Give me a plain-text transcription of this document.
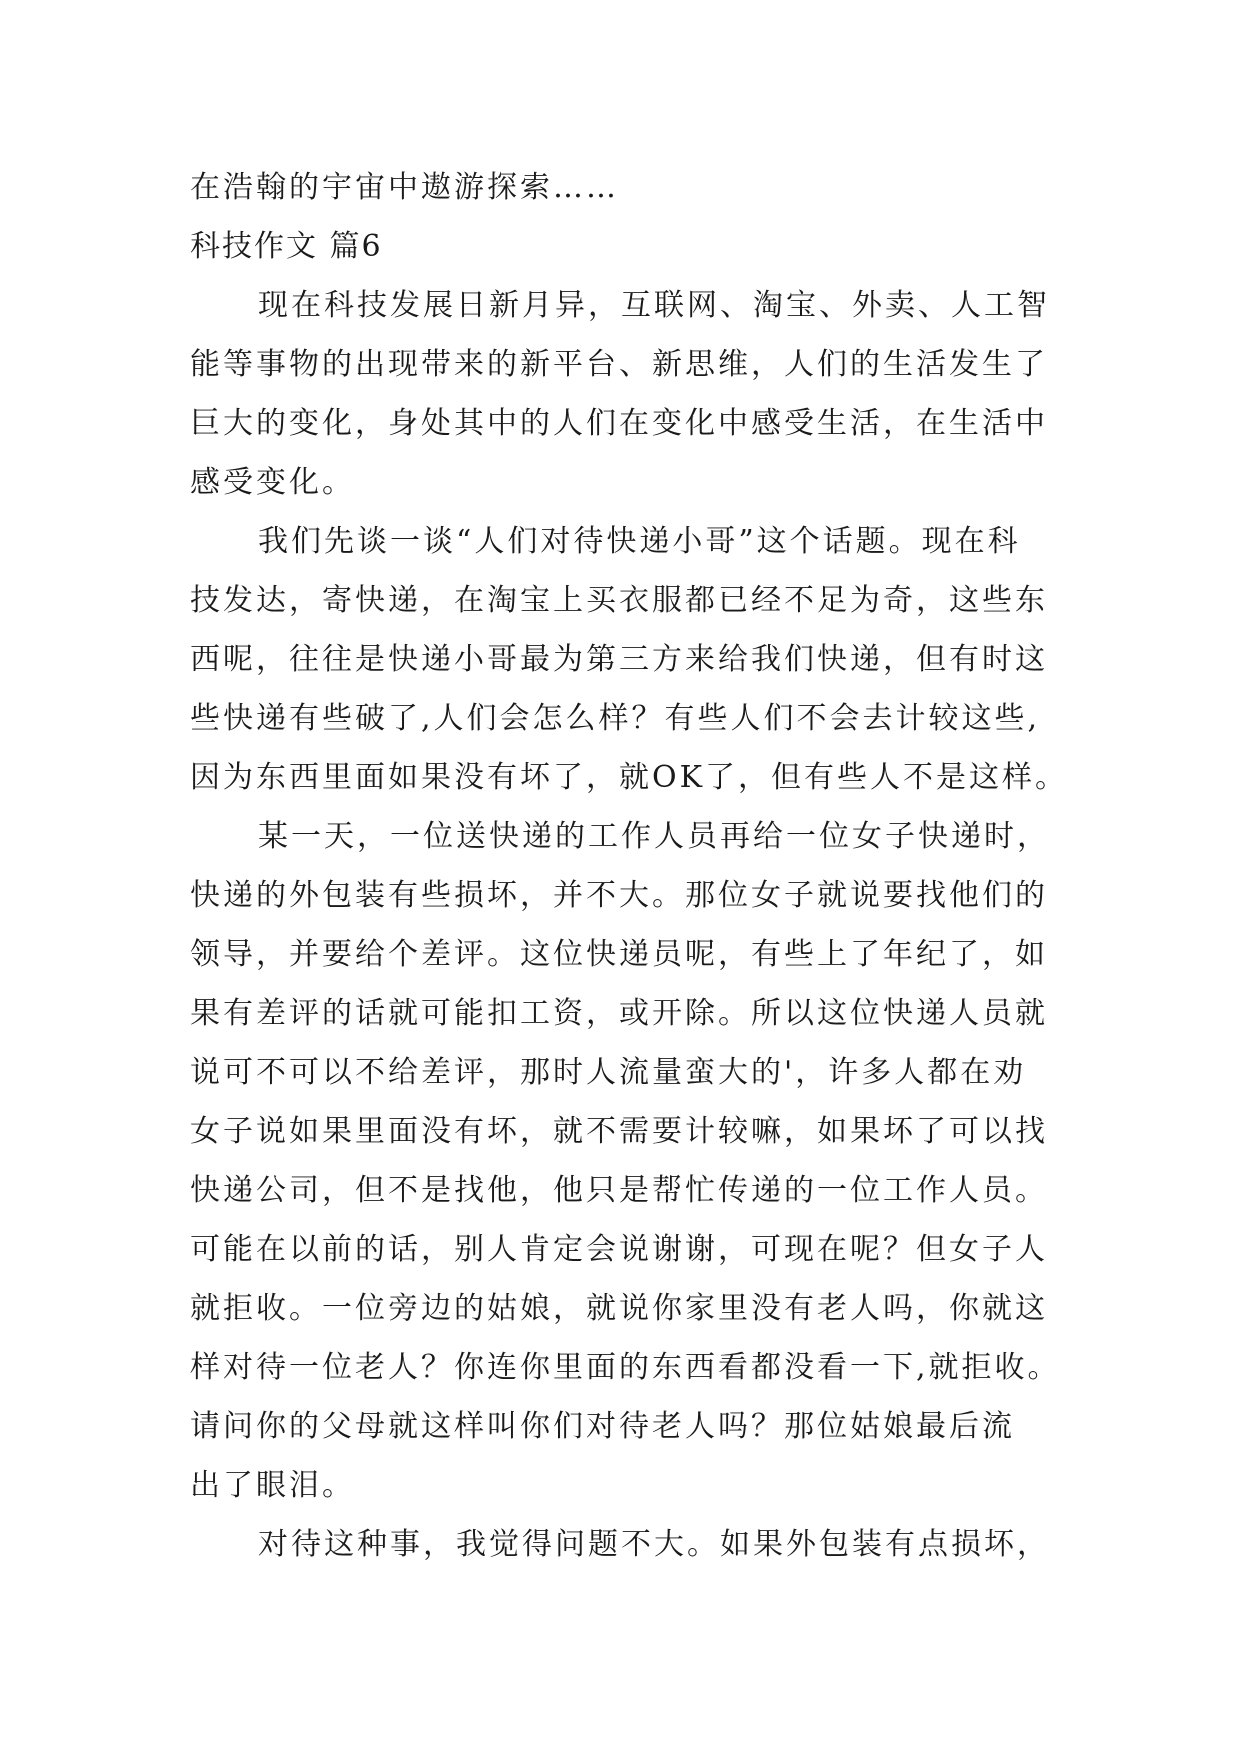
在浩翰的宇宙中遨游探索……
科技作文 篇6
现在科技发展日新月异，互联网、淘宝、外卖、人工智
能等事物的出现带来的新平台、新思维，人们的生活发生了
巨大的变化，身处其中的人们在变化中感受生活，在生活中
感受变化。
我们先谈一谈“人们对待快递小哥”这个话题。现在科
技发达，寄快递，在淘宝上买衣服都已经不足为奇，这些东
西呢，往往是快递小哥最为第三方来给我们快递，但有时这
些快递有些破了,人们会怎么样？有些人们不会去计较这些,
因为东西里面如果没有坏了，就OK了，但有些人不是这样。
某一天，一位送快递的工作人员再给一位女子快递时，
快递的外包装有些损坏，并不大。那位女子就说要找他们的
领导，并要给个差评。这位快递员呢，有些上了年纪了，如
果有差评的话就可能扣工资，或开除。所以这位快递人员就
说可不可以不给差评，那时人流量蛮大的'，许多人都在劝
女子说如果里面没有坏，就不需要计较嘛，如果坏了可以找
快递公司，但不是找他，他只是帮忙传递的一位工作人员。
可能在以前的话，别人肯定会说谢谢，可现在呢？但女子人
就拒收。一位旁边的姑娘，就说你家里没有老人吗，你就这
样对待一位老人？你连你里面的东西看都没看一下,就拒收。
请问你的父母就这样叫你们对待老人吗？那位姑娘最后流
出了眼泪。
对待这种事，我觉得问题不大。如果外包装有点损坏，
